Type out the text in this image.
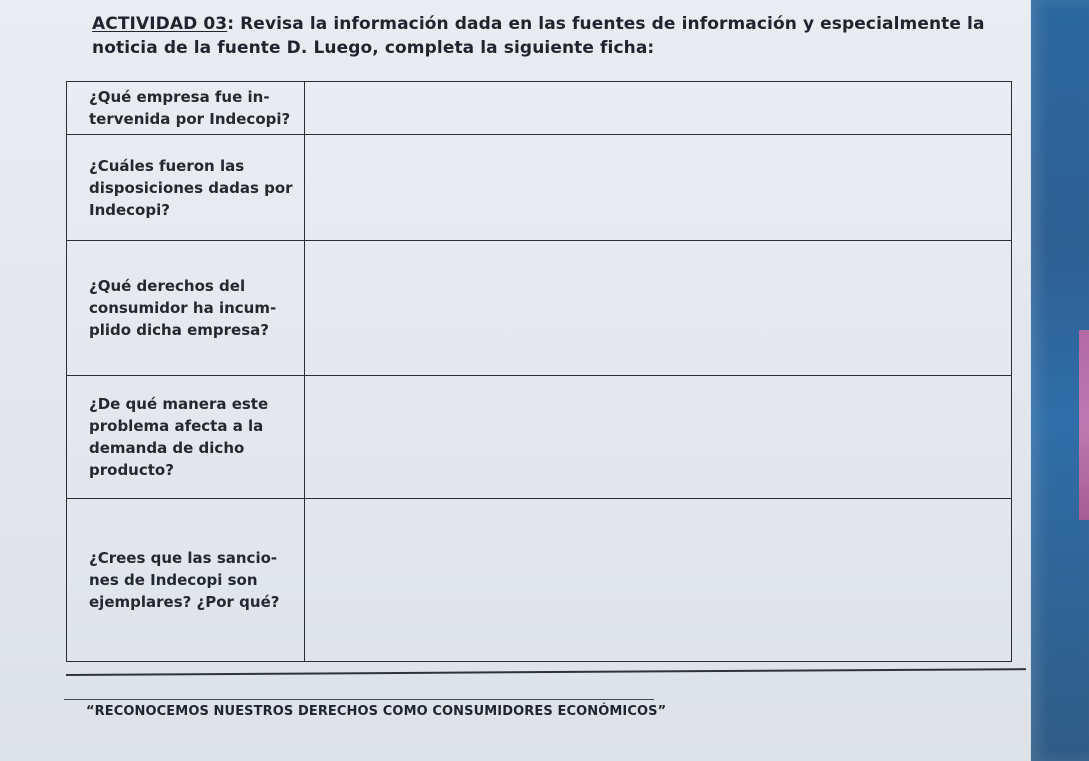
ACTIVIDAD 03: Revisa la información dada en las fuentes de información y especialmente la noticia de la fuente D. Luego, completa la siguiente ficha:
¿Qué empresa fue in-
tervenida por Indecopi?	

¿Cuáles fueron las
disposiciones dadas por
Indecopi?	

¿Qué derechos del
consumidor ha incum-
plido dicha empresa?	

¿De qué manera este
problema afecta a la
demanda de dicho
producto?	

¿Crees que las sancio-
nes de Indecopi son
ejemplares? ¿Por qué?	
“RECONOCEMOS NUESTROS DERECHOS COMO CONSUMIDORES ECONÓMICOS”
